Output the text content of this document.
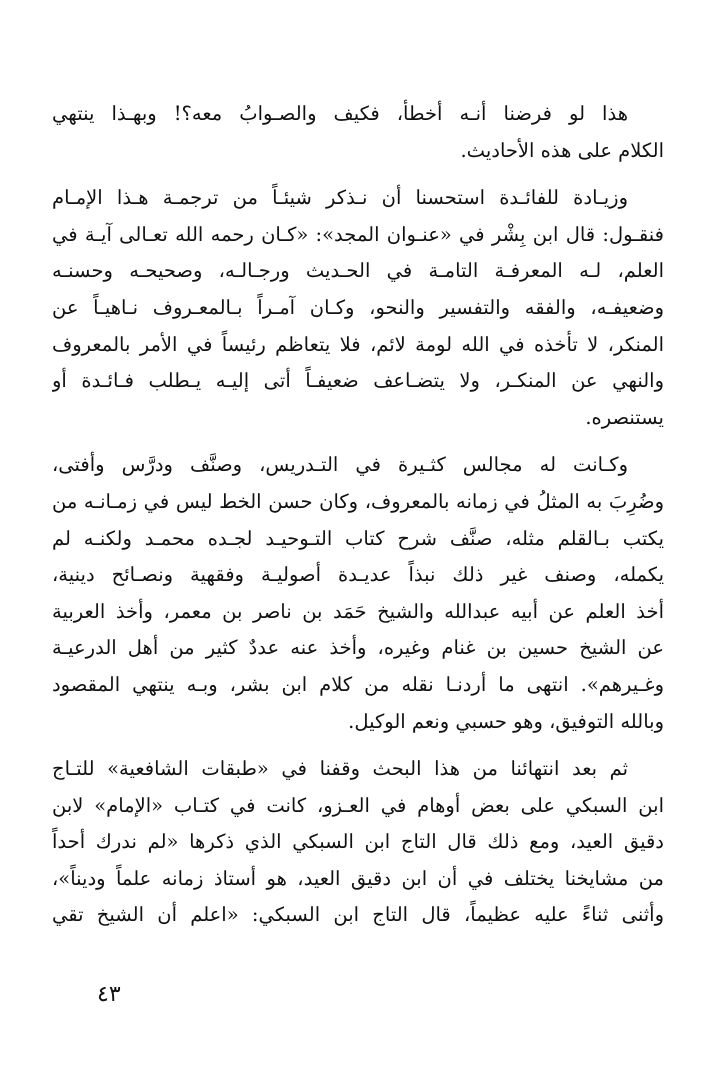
هذا لو فرضنا أنـه أخطأ، فكيف والصـوابُ معه؟! وبهـذا ينتهي
الكلام على هذه الأحاديث.
وزيـادة للفائـدة استحسنا أن نـذكر شيئـاً من ترجمـة هـذا الإمـام
فنقـول: قال ابن بِشْر في «عنـوان المجد»: «كـان رحمه الله تعـالى آيـة في
العلم، لـه المعرفـة التامـة في الحـديث ورجـالـه، وصحيحـه وحسنـه
وضعيفـه، والفقه والتفسير والنحو، وكـان آمـراً بـالمعـروف نـاهيـاً عن
المنكر، لا تأخذه في الله لومة لائم، فلا يتعاظم رئيساً في الأمر بالمعروف
والنهي عن المنكـر، ولا يتضـاعف ضعيفـاً أتى إليـه يـطلب فـائـدة أو
يستنصره.
وكـانت له مجالس كثـيرة في التـدريس، وصنَّف ودرَّس وأفتى،
وضُرِبَ به المثلُ في زمانه بالمعروف، وكان حسن الخط ليس في زمـانـه من
يكتب بـالقلم مثله، صنَّف شرح كتاب التـوحيـد لجـده محمـد ولكنـه لم
يكمله، وصنف غير ذلك نبذاً عديـدة أصوليـة وفقهية ونصـائح دينية،
أخذ العلم عن أبيه عبدالله والشيخ حَمَد بن ناصر بن معمر، وأخذ العربية
عن الشيخ حسين بن غنام وغيره، وأخذ عنه عددٌ كثير من أهل الدرعيـة
وغـيرهم». انتهى ما أردنـا نقله من كلام ابن بشر، وبـه ينتهي المقصود
وبالله التوفيق، وهو حسبي ونعم الوكيل.
ثم بعد انتهائنا من هذا البحث وقفنا في «طبقات الشافعية» للتـاج
ابن السبكي على بعض أوهام في العـزو، كانت في كتـاب «الإمام» لابن
دقيق العيد، ومع ذلك قال التاج ابن السبكي الذي ذكرها «لم ندرك أحداً
من مشايخنا يختلف في أن ابن دقيق العيد، هو أستاذ زمانه علماً وديناً»،
وأثنى ثناءً عليه عظيماً، قال التاج ابن السبكي: «اعلم أن الشيخ تقي
٤٣
